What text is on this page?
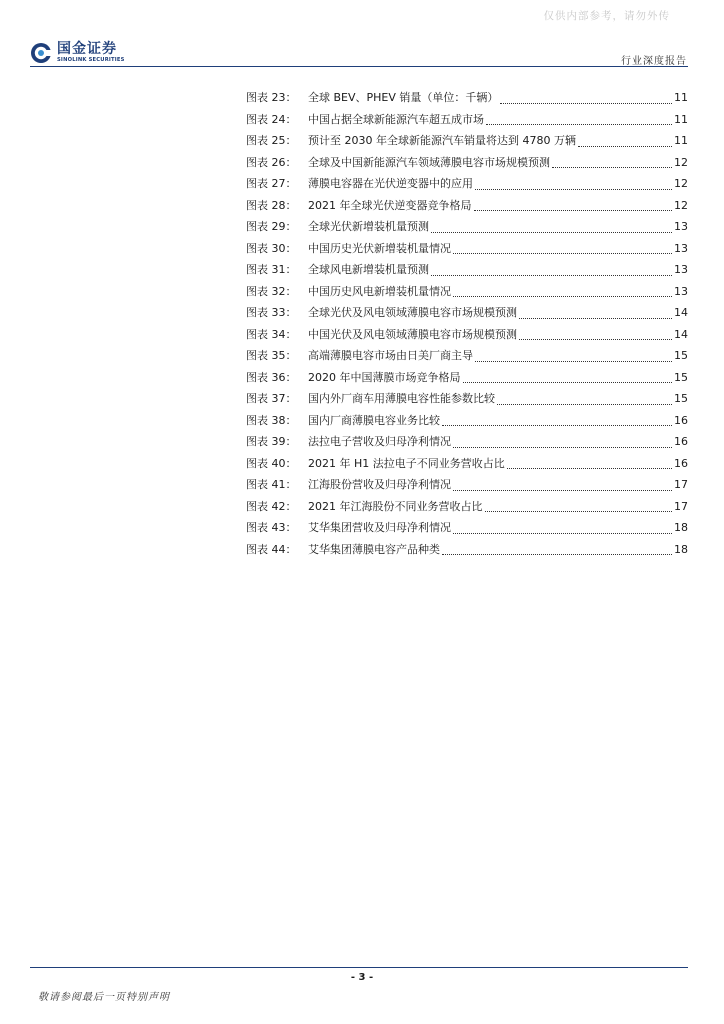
仅供内部参考，请勿外传
国金证券
SINOLINK SECURITIES	行业深度报告
图表 23：	全球 BEV、PHEV 销量（单位：千辆）	11
图表 24：	中国占据全球新能源汽车超五成市场	11
图表 25：	预计至 2030 年全球新能源汽车销量将达到 4780 万辆	11
图表 26：	全球及中国新能源汽车领域薄膜电容市场规模预测	12
图表 27：	薄膜电容器在光伏逆变器中的应用	12
图表 28：	2021 年全球光伏逆变器竞争格局	12
图表 29：	全球光伏新增装机量预测	13
图表 30：	中国历史光伏新增装机量情况	13
图表 31：	全球风电新增装机量预测	13
图表 32：	中国历史风电新增装机量情况	13
图表 33：	全球光伏及风电领域薄膜电容市场规模预测	14
图表 34：	中国光伏及风电领域薄膜电容市场规模预测	14
图表 35：	高端薄膜电容市场由日美厂商主导	15
图表 36：	2020 年中国薄膜市场竞争格局	15
图表 37：	国内外厂商车用薄膜电容性能参数比较	15
图表 38：	国内厂商薄膜电容业务比较	16
图表 39：	法拉电子营收及归母净利情况	16
图表 40：	2021 年 H1 法拉电子不同业务营收占比	16
图表 41：	江海股份营收及归母净利情况	17
图表 42：	2021 年江海股份不同业务营收占比	17
图表 43：	艾华集团营收及归母净利情况	18
图表 44：	艾华集团薄膜电容产品种类	18
- 3 -
敬请参阅最后一页特别声明
